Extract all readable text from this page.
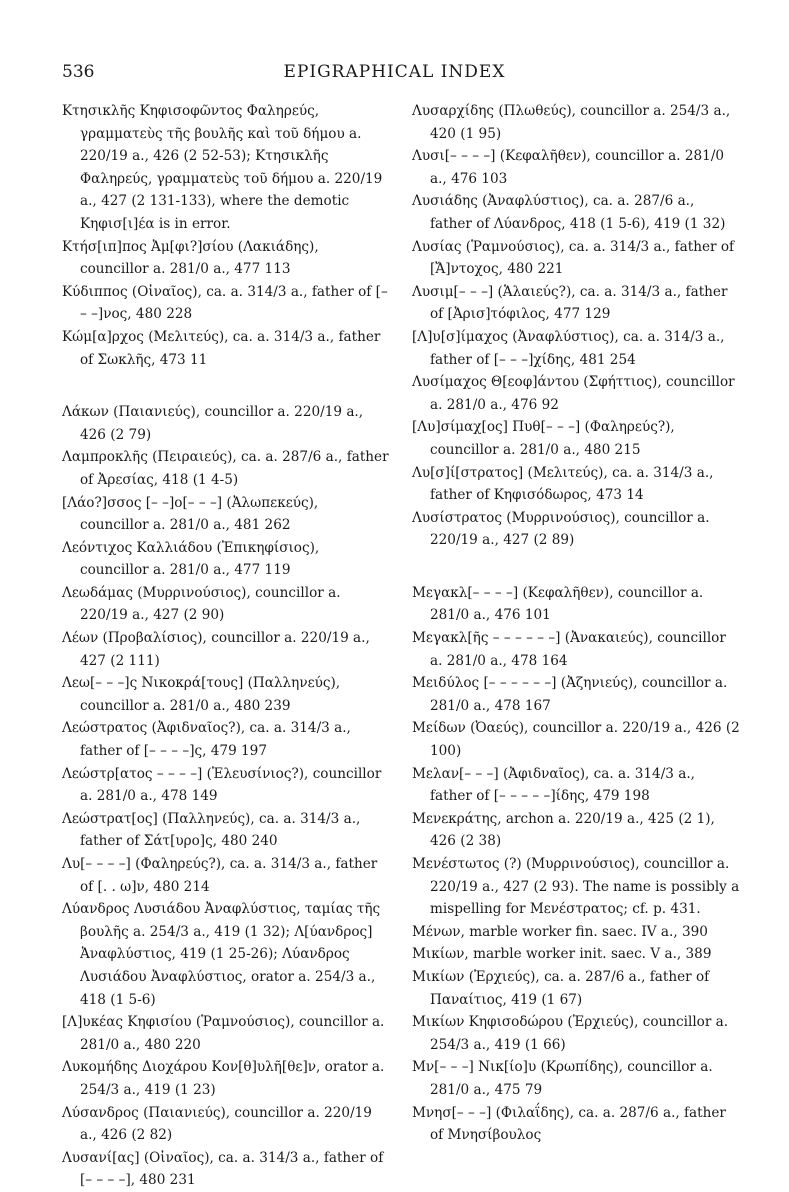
536	EPIGRAPHICAL INDEX

Κτησικλῆς Κηφισοφῶντος Φαληρεύς, γραμματεὺς τῆς βουλῆς καὶ τοῦ δήμου a. 220/19 a., 426 (2 52-53); Κτησικλῆς Φαληρεύς, γραμματεὺς τοῦ δήμου a. 220/19 a., 427 (2 131-133), where the demotic Κηφισ[ι]έα is in error.

Κτήσ[ιπ]πος Ἀμ[φι?]σίου (Λακιάδης), councillor a. 281/0 a., 477 113

Κύδιππος (Οἰναῖος), ca. a. 314/3 a., father of [– – –]νος, 480 228

Κώμ[α]ρχος (Μελιτεύς), ca. a. 314/3 a., father of Σωκλῆς, 473 11

Λάκων (Παιανιεύς), councillor a. 220/19 a., 426 (2 79)

Λαμπροκλῆς (Πειραιεύς), ca. a. 287/6 a., father of Ἀρεσίας, 418 (1 4-5)

[Λάο?]σσος [– –]ο[– – –] (Ἀλωπεκεύς), councillor a. 281/0 a., 481 262

Λεόντιχος Καλλιάδου (Ἐπικηφίσιος), councillor a. 281/0 a., 477 119

Λεωδάμας (Μυρρινούσιος), councillor a. 220/19 a., 427 (2 90)

Λέων (Προβαλίσιος), councillor a. 220/19 a., 427 (2 111)

Λεω[– – –]ς Νικοκρά[τους] (Παλληνεύς), councillor a. 281/0 a., 480 239

Λεώστρατος (Ἀφιδναῖος?), ca. a. 314/3 a., father of [– – – –]ς, 479 197

Λεώστρ[ατος – – – –] (Ἐλευσίνιος?), councillor a. 281/0 a., 478 149

Λεώστρατ[ος] (Παλληνεύς), ca. a. 314/3 a., father of Σάτ[υρο]ς, 480 240

Λυ[– – – –] (Φαληρεύς?), ca. a. 314/3 a., father of [. . ω]ν, 480 214

Λύανδρος Λυσιάδου Ἀναφλύστιος, ταμίας τῆς βουλῆς a. 254/3 a., 419 (1 32); Λ[ύανδρος] Ἀναφλύστιος, 419 (1 25-26); Λύανδρος Λυσιάδου Ἀναφλύστιος, orator a. 254/3 a., 418 (1 5-6)

[Λ]υκέας Κηφισίου (Ῥαμνούσιος), councillor a. 281/0 a., 480 220

Λυκομήδης Διοχάρου Κον[θ]υλῆ[θε]ν, orator a. 254/3 a., 419 (1 23)

Λύσανδρος (Παιανιεύς), councillor a. 220/19 a., 426 (2 82)

Λυσανί[ας] (Οἰναῖος), ca. a. 314/3 a., father of [– – – –], 480 231

Λυσαρχίδης (Πλωθεύς), councillor a. 254/3 a., 420 (1 95)

Λυσι[– – – –] (Κεφαλῆθεν), councillor a. 281/0 a., 476 103

Λυσιάδης (Ἀναφλύστιος), ca. a. 287/6 a., father of Λύανδρος, 418 (1 5-6), 419 (1 32)

Λυσίας (Ῥαμνούσιος), ca. a. 314/3 a., father of [Ἄ]ντοχος, 480 221

Λυσιμ[– – –] (Ἁλαιεύς?), ca. a. 314/3 a., father of [Ἀρισ]τόφιλος, 477 129

[Λ]υ[σ]ίμαχος (Ἀναφλύστιος), ca. a. 314/3 a., father of [– – –]χίδης, 481 254

Λυσίμαχος Θ[εοφ]άντου (Σφήττιος), councillor a. 281/0 a., 476 92

[Λυ]σίμαχ[ος] Πυθ[– – –] (Φαληρεύς?), councillor a. 281/0 a., 480 215

Λυ[σ]ί[στρατος] (Μελιτεύς), ca. a. 314/3 a., father of Κηφισόδωρος, 473 14

Λυσίστρατος (Μυρρινούσιος), councillor a. 220/19 a., 427 (2 89)

Μεγακλ[– – – –] (Κεφαλῆθεν), councillor a. 281/0 a., 476 101

Μεγακλ[ῆς – – – – – –] (Ἀνακαιεύς), councillor a. 281/0 a., 478 164

Μειδύλος [– – – – – –] (Ἀζηνιεύς), councillor a. 281/0 a., 478 167

Μείδων (Ὀαεύς), councillor a. 220/19 a., 426 (2 100)

Μελαν[– – –] (Ἀφιδναῖος), ca. a. 314/3 a., father of [– – – – –]ίδης, 479 198

Μενεκράτης, archon a. 220/19 a., 425 (2 1), 426 (2 38)

Μενέστωτος (?) (Μυρρινούσιος), councillor a. 220/19 a., 427 (2 93). The name is possibly a mispelling for Μενέστρατος; cf. p. 431.

Μένων, marble worker fin. saec. IV a., 390

Μικίων, marble worker init. saec. V a., 389

Μικίων (Ἐρχιεύς), ca. a. 287/6 a., father of Παναίτιος, 419 (1 67)

Μικίων Κηφισοδώρου (Ἐρχιεύς), councillor a. 254/3 a., 419 (1 66)

Μν[– – –] Νικ[ίο]υ (Κρωπίδης), councillor a. 281/0 a., 475 79

Μνησ[– – –] (Φιλαΐδης), ca. a. 287/6 a., father of Μνησίβουλος
